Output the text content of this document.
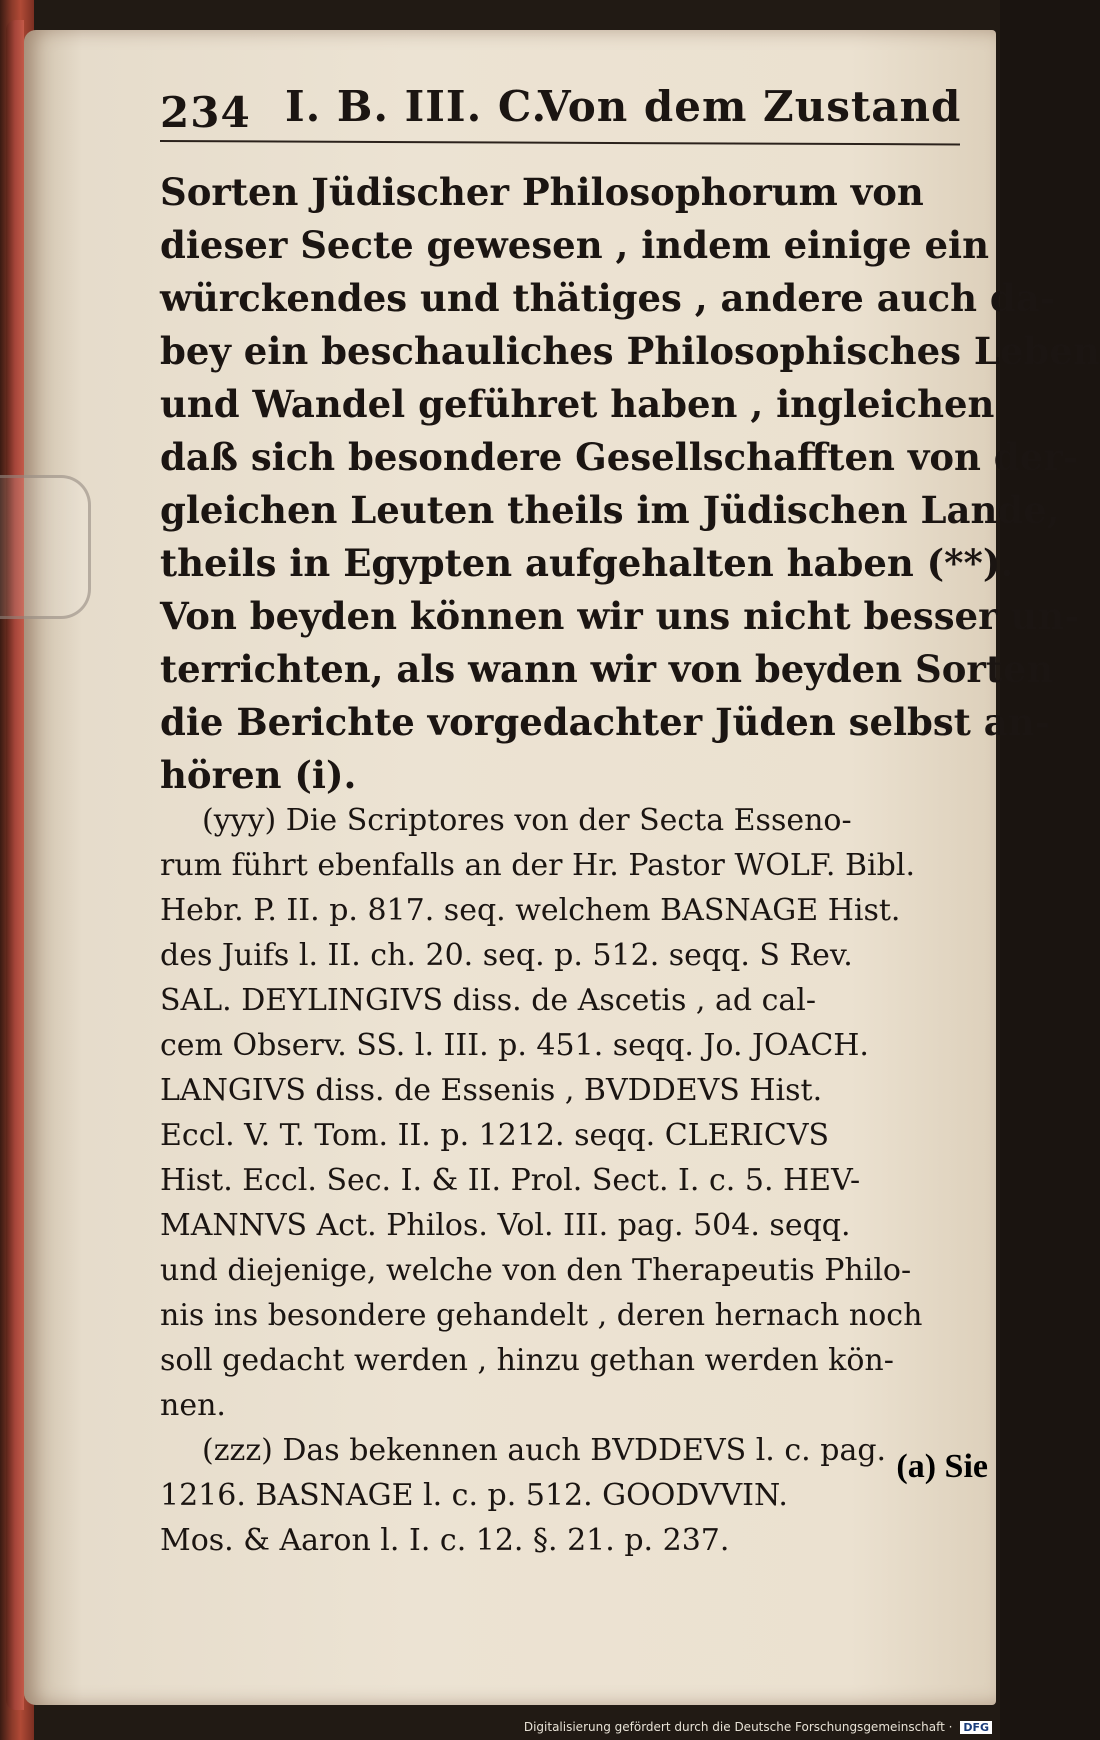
234 I. B. III. C.
Von dem Zustand
Sorten Jüdischer Philosophorum von
dieser Secte gewesen , indem einige ein
würckendes und thätiges , andere auch da-
bey ein beschauliches Philosophisches Leben
und Wandel geführet haben , ingleichen
daß sich besondere Gesellschafften von der-
gleichen Leuten theils im Jüdischen Lande,
theils in Egypten aufgehalten haben (**).
Von beyden können wir uns nicht besser un-
terrichten, als wann wir von beyden Sorten
die Berichte vorgedachter Jüden selbst an-
hören (i).
(yyy) Die Scriptores von der Secta Esseno-
rum führt ebenfalls an der Hr. Pastor WOLF. Bibl.
Hebr. P. II. p. 817. seq. welchem BASNAGE Hist.
des Juifs l. II. ch. 20. seq. p. 512. seqq. S Rev.
SAL. DEYLINGIVS diss. de Ascetis , ad cal-
cem Observ. SS. l. III. p. 451. seqq. Jo. JOACH.
LANGIVS diss. de Essenis , BVDDEVS Hist.
Eccl. V. T. Tom. II. p. 1212. seqq. CLERICVS
Hist. Eccl. Sec. I. & II. Prol. Sect. I. c. 5. HEV-
MANNVS Act. Philos. Vol. III. pag. 504. seqq.
und diejenige, welche von den Therapeutis Philo-
nis ins besondere gehandelt , deren hernach noch
soll gedacht werden , hinzu gethan werden kön-
nen.
(zzz) Das bekennen auch BVDDEVS l. c. pag.
1216. BASNAGE l. c. p. 512. GOODVVIN.
Mos. & Aaron l. I. c. 12. §. 21. p. 237.
(a) Sie
Digitalisierung gefördert durch die Deutsche Forschungsgemeinschaft · DFG
